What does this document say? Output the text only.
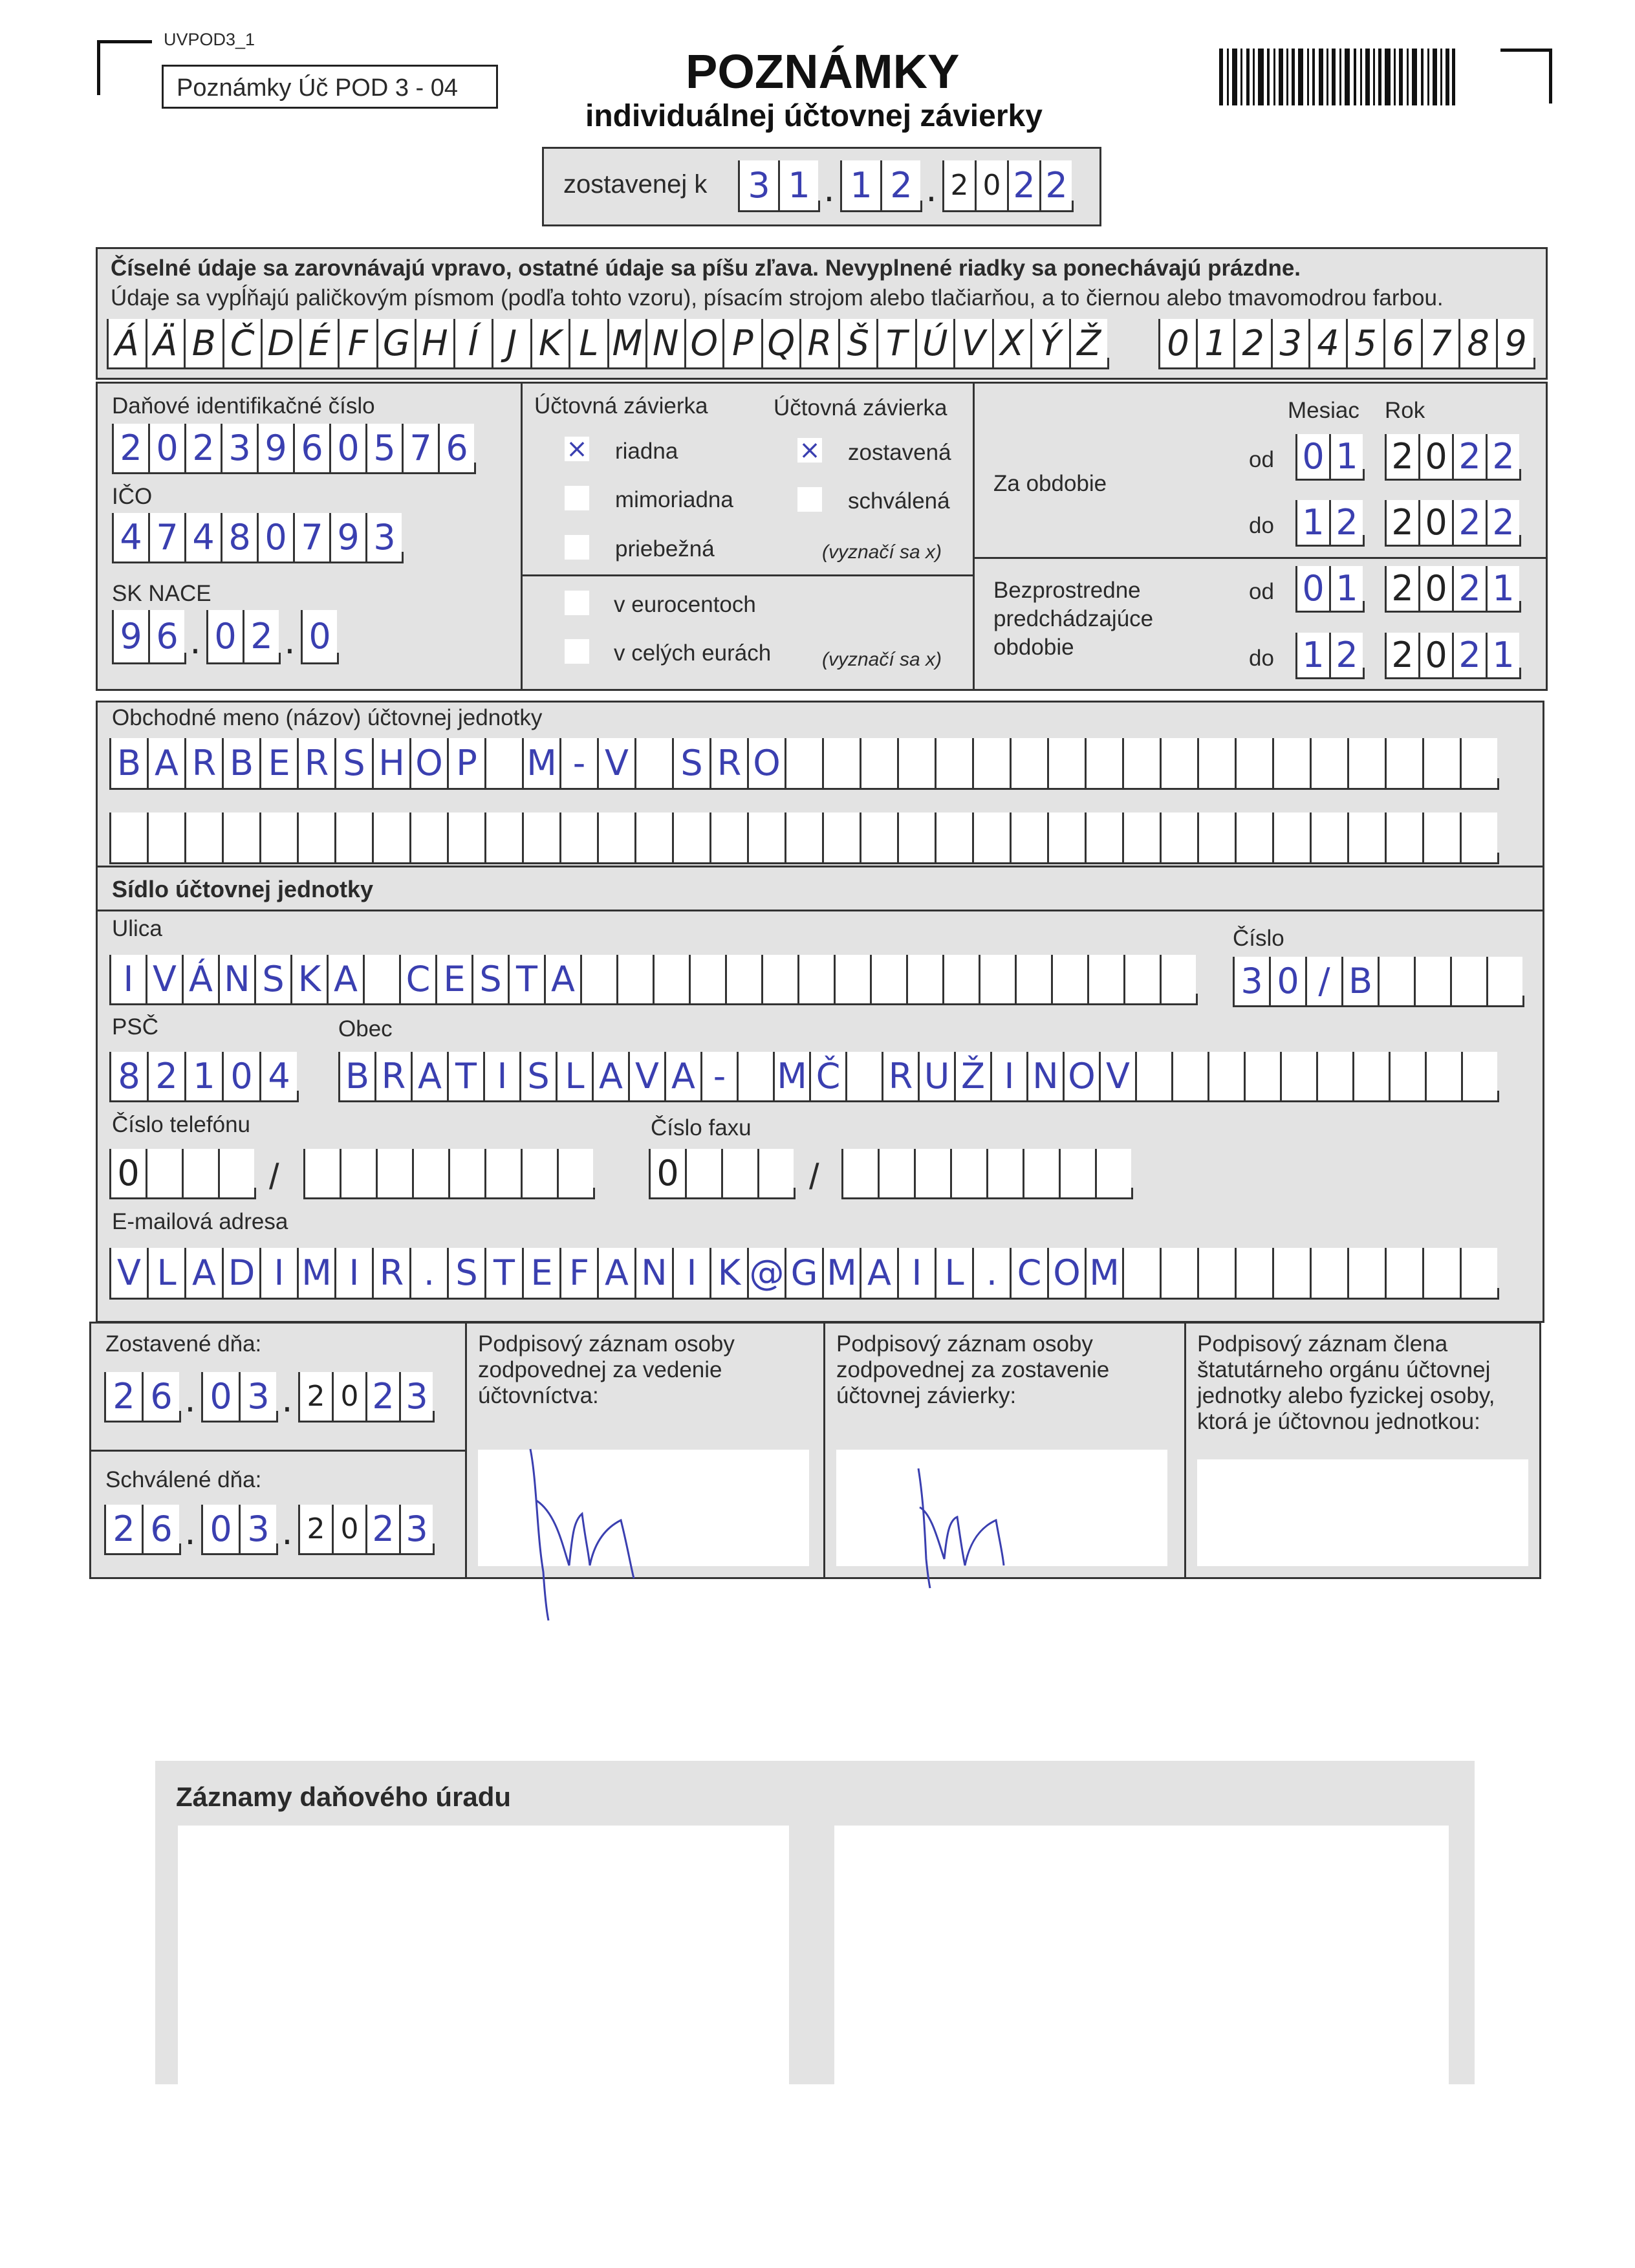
UVPOD3_1
Poznámky Úč POD 3 - 04	POZNÁMKY
individuálnej účtovnej závierky
zostavenej k 3 1 . 1 2 . 2 0 2 2
Číselné údaje sa zarovnávajú vpravo, ostatné údaje sa píšu zľava. Nevyplnené riadky sa ponechávajú prázdne.
Údaje sa vypĺňajú paličkovým písmom (podľa tohto vzoru), písacím strojom alebo tlačiarňou, a to čiernou alebo tmavomodrou farbou.
Á Ä B Č D É F G H Í J K L M N O P Q R Š T Ú V X Ý Ž 0 1 2 3 4 5 6 7 8 9
Daňové identifikačné číslo
2 0 2 3 9 6 0 5 7 6
IČO
4 7 4 8 0 7 9 3
SK NACE
9 6 . 0 2 . 0
Účtovná závierka	Účtovná závierka
× riadna
mimoriadna
priebežná
× zostavená
schválená
(vyznačí sa x)
v eurocentoch
v celých eurách	(vyznačí sa x)
Mesiac Rok
Za obdobie
od 0 1 2 0 2 2
do 1 2 2 0 2 2
Bezprostredne
predchádzajúce
obdobie
od 0 1 2 0 2 1
do 1 2 2 0 2 1
Obchodné meno (názov) účtovnej jednotky
B A R B E R S H O P M - V S R O
Sídlo účtovnej jednotky
Ulica
I V Á N S K A C E S T A
Číslo
3 0 / B
PSČ
8 2 1 0 4
Obec
B R A T I S L A V A -	M Č R U Ž I N O V
Číslo telefónu
0	/
Číslo faxu
0	/
E-mailová adresa
V L A D I M I R . S T E F A N I K @ G M A I L . C O M
Zostavené dňa:
2 6 . 0 3 . 2 0 2 3
Schválené dňa:
2 6 . 0 3 . 2 0 2 3
Podpisový záznam osoby zodpovednej za vedenie účtovníctva:
Podpisový záznam osoby zodpovednej za zostavenie účtovnej závierky:
Podpisový záznam člena štatutárneho orgánu účtovnej jednotky alebo fyzickej osoby, ktorá je účtovnou jednotkou:
Záznamy daňového úradu
